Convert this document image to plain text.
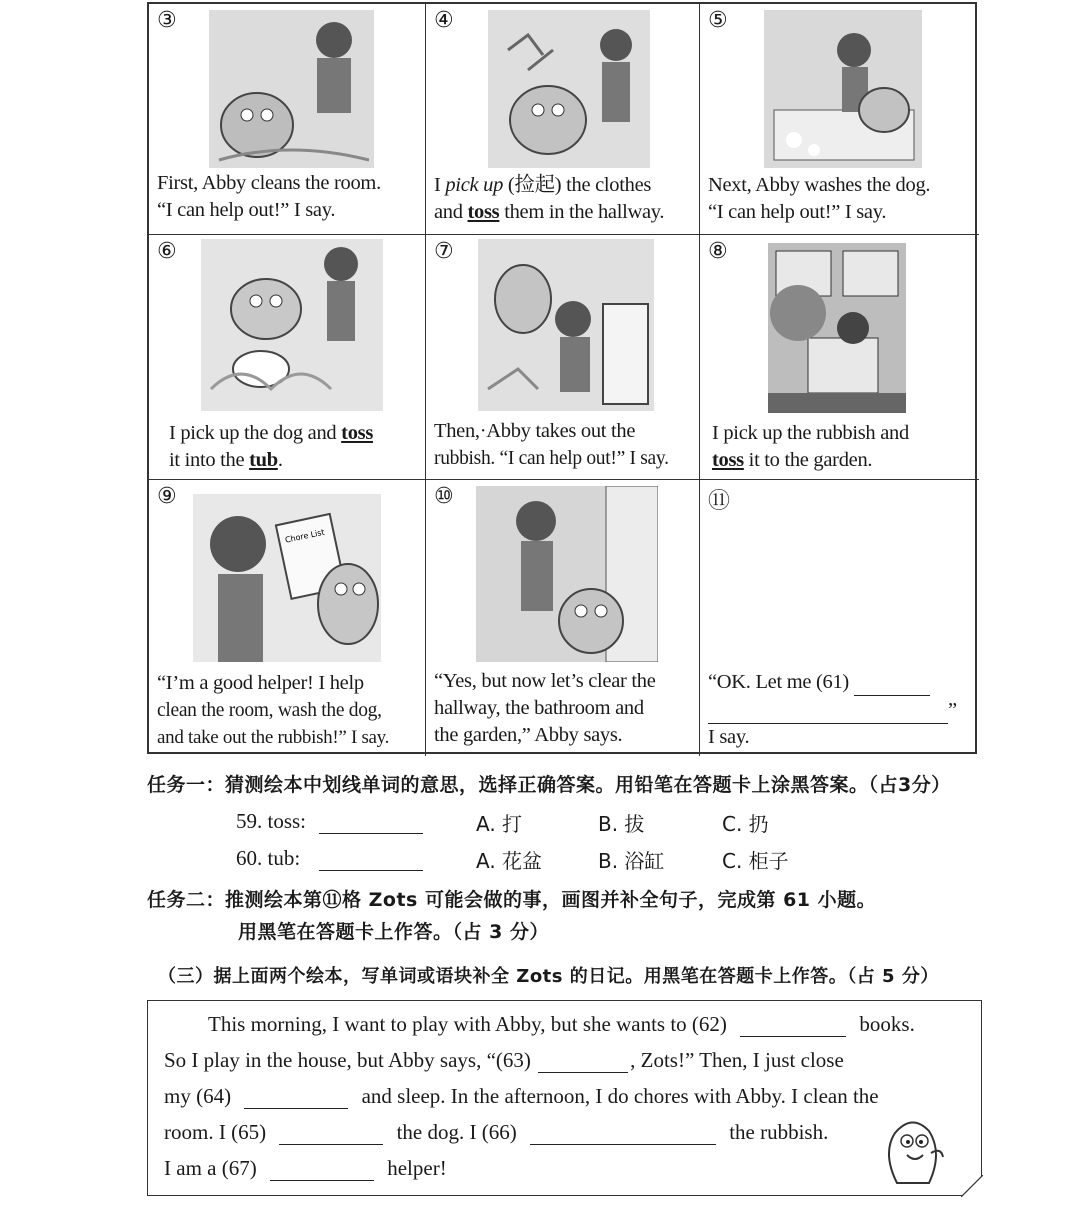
③
First, Abby cleans the room.
“I can help out!” I say.
④
I pick up (捡起) the clothes
and toss them in the hallway.
⑤
Next, Abby washes the dog.
“I can help out!” I say.
⑥
I pick up the dog and toss
it into the tub.
⑦
Then,·Abby takes out the
rubbish. “I can help out!” I say.
⑧
I pick up the rubbish and
toss it to the garden.
⑨
Chore List
“I’m a good helper! I help
clean the room, wash the dog,
and take out the rubbish!” I say.
⑩
“Yes, but now let’s clear the
hallway, the bathroom and
the garden,” Abby says.
⑪
“OK. Let me (61)
”
I say.
任务一：猜测绘本中划线单词的意思，选择正确答案。用铅笔在答题卡上涂黑答案。（占3分）
59. toss:	A. 打	B. 拔	C. 扔
60. tub:	A. 花盆	B. 浴缸	C. 柜子
任务二：推测绘本第⑪格 Zots 可能会做的事，画图并补全句子，完成第 61 小题。
用黑笔在答题卡上作答。（占 3 分）
（三）据上面两个绘本，写单词或语块补全 Zots 的日记。用黑笔在答题卡上作答。（占 5 分）
This morning, I want to play with Abby, but she wants to (62)	books.
So I play in the house, but Abby says, “(63)	, Zots!” Then, I just close
my (64)	and sleep. In the afternoon, I do chores with Abby. I clean the
room. I (65)	the dog. I (66)	the rubbish.
I am a (67)	helper!
